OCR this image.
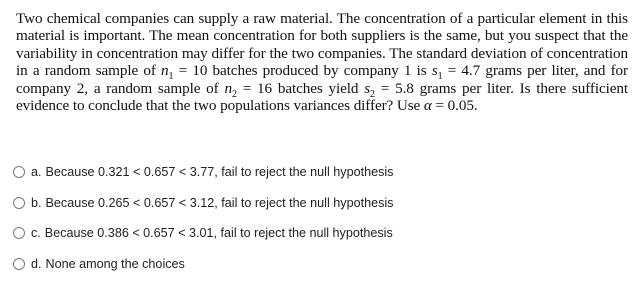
Two chemical companies can supply a raw material. The concentration of a particular element in this material is important. The mean concentration for both suppliers is the same, but you suspect that the variability in concentration may differ for the two companies. The standard deviation of concentration in a random sample of $n_1 = 10$ batches produced by company 1 is $s_1 = 4.7$ grams per liter, and for company 2, a random sample of $n_2 = 16$ batches yield $s_2 = 5.8$ grams per liter. Is there sufficient evidence to conclude that the two populations variances differ? Use α = 0.05.

a. Because 0.321 < 0.657 < 3.77, fail to reject the null hypothesis
b. Because 0.265 < 0.657 < 3.12, fail to reject the null hypothesis
c. Because 0.386 < 0.657 < 3.01, fail to reject the null hypothesis
d. None among the choices
